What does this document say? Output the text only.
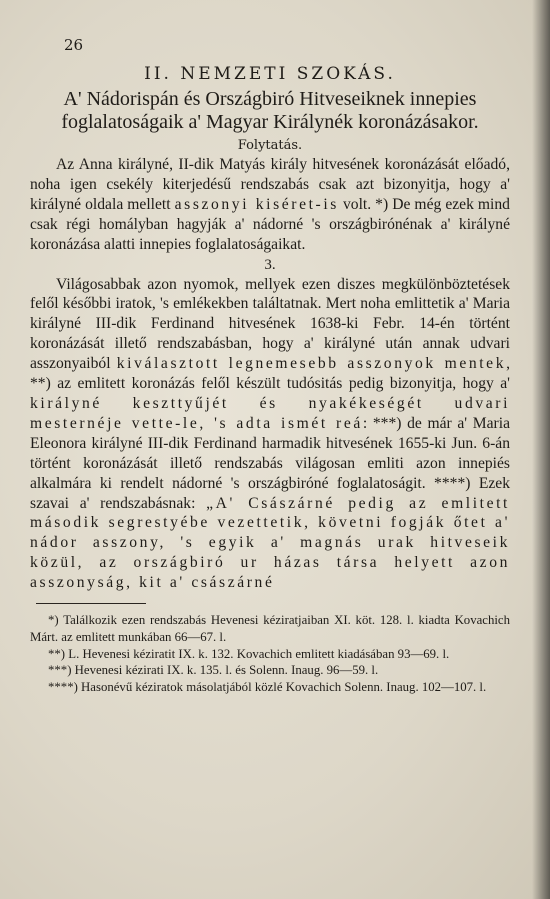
26
II. NEMZETI SZOKÁS.
A' Nádorispán és Országbiró Hitveseiknek innepies foglalatoságaik a' Magyar Királynék koronázásakor.
Folytatás.

Az Anna királyné, II-dik Matyás király hitvesének koronázását előadó, noha igen csekély kiterjedésű rendszabás csak azt bizonyitja, hogy a' királyné oldala mellett asszonyi kiséret-is volt. *) De még ezek mind csak régi homályban hagyják a' nádorné 's országbirónénak a' királyné koronázása alatti innepies foglalatoságaikat.

3.

Világosabbak azon nyomok, mellyek ezen diszes megkülönböztetések felől későbbi iratok, 's emlékekben találtatnak. Mert noha emlittetik a' Maria királyné III-dik Ferdinand hitvesének 1638-ki Febr. 14-én történt koronázását illető rendszabásban, hogy a' királyné után annak udvari asszonyaiból kiválasztott legnemesebb asszonyok mentek, **) az emlitett koronázás felől készült tudósitás pedig bizonyitja, hogy a' királyné keszttyűjét és nyakékeségét udvari mesternéje vette-le, 's adta ismét reá: ***) de már a' Maria Eleonora királyné III-dik Ferdinand harmadik hitvesének 1655-ki Jun. 6-án történt koronázását illető rendszabás világosan emliti azon innepiés alkalmára ki rendelt nádorné 's országbiróné foglalatoságit. ****) Ezek szavai a' rendszabásnak: „A' Császárné pedig az emlitett második segrestyébe vezettetik, követni fogják őtet a' nádor asszony, 's egyik a' magnás urak hitveseik közül, az országbiró ur házas társa helyett azon asszonyság, kit a' császárné

*) Találkozik ezen rendszabás Hevenesi kéziratjaiban XI. köt. 128. l. kiadta Kovachich Márt. az emlitett munkában 66—67. l.

**) L. Hevenesi kéziratit IX. k. 132. Kovachich emlitett kiadásában 93—69. l.

***) Hevenesi kézirati IX. k. 135. l. és Solenn. Inaug. 96—59. l.

****) Hasonévű kéziratok másolatjából közlé Kovachich Solenn. Inaug. 102—107. l.
